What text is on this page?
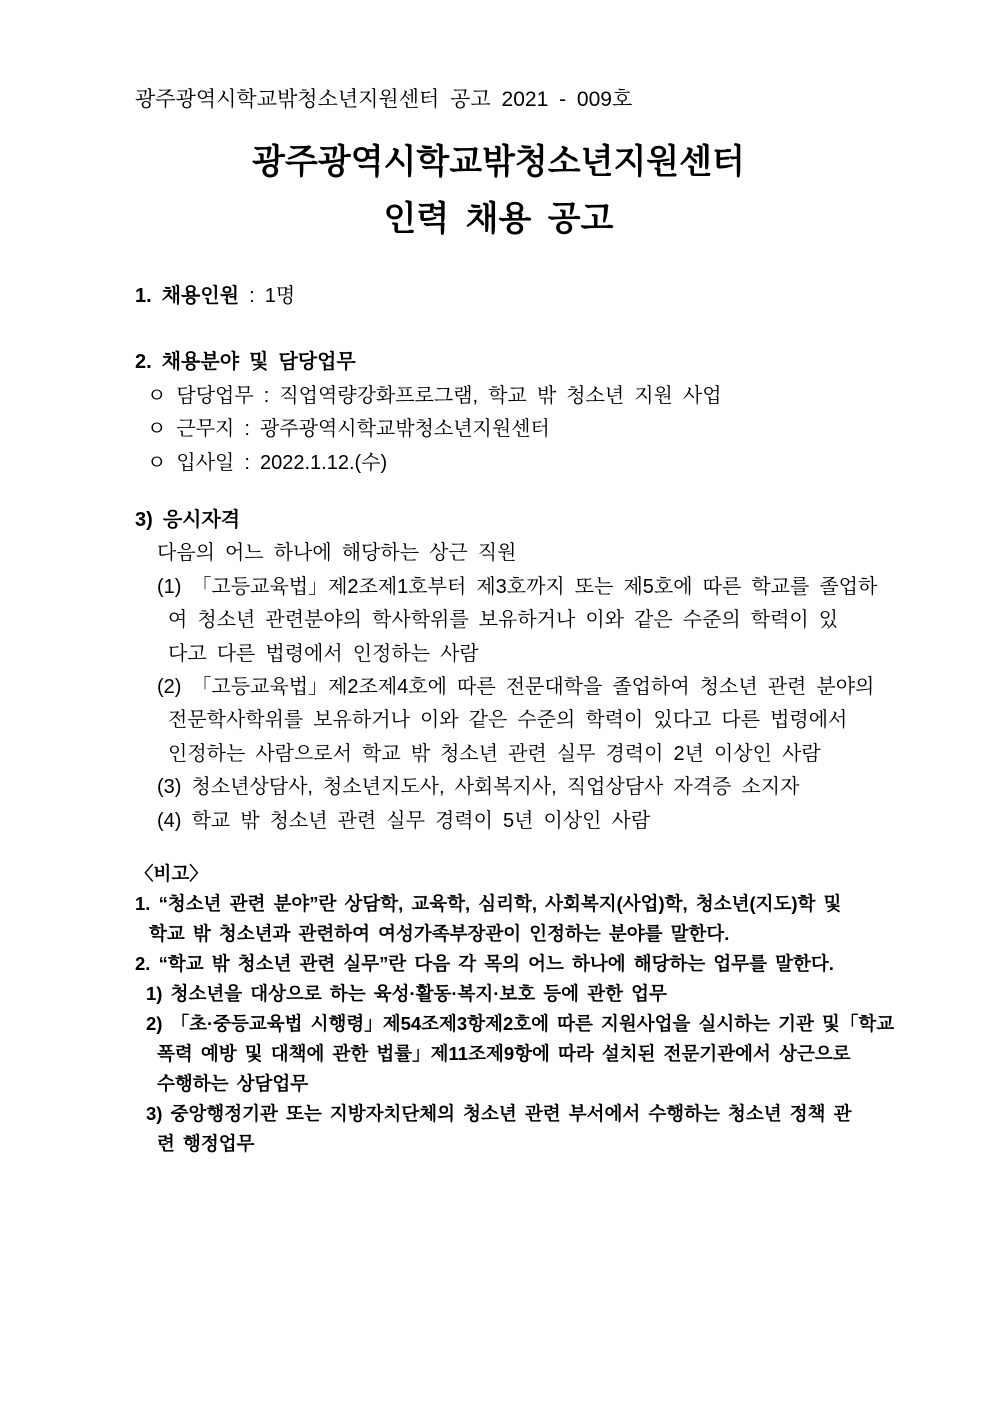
광주광역시학교밖청소년지원센터 공고 2021 - 009호
광주광역시학교밖청소년지원센터
인력 채용 공고
1. 채용인원 : 1명
2. 채용분야 및 담당업무
ㅇ 담당업무 : 직업역량강화프로그램, 학교 밖 청소년 지원 사업
ㅇ 근무지 : 광주광역시학교밖청소년지원센터
ㅇ 입사일 : 2022.1.12.(수)
3) 응시자격
다음의 어느 하나에 해당하는 상근 직원
(1) 「고등교육법」제2조제1호부터 제3호까지 또는 제5호에 따른 학교를 졸업하
여 청소년 관련분야의 학사학위를 보유하거나 이와 같은 수준의 학력이 있
다고 다른 법령에서 인정하는 사람
(2) 「고등교육법」제2조제4호에 따른 전문대학을 졸업하여 청소년 관련 분야의
전문학사학위를 보유하거나 이와 같은 수준의 학력이 있다고 다른 법령에서
인정하는 사람으로서 학교 밖 청소년 관련 실무 경력이 2년 이상인 사람
(3) 청소년상담사, 청소년지도사, 사회복지사, 직업상담사 자격증 소지자
(4) 학교 밖 청소년 관련 실무 경력이 5년 이상인 사람
〈비고〉
1. “청소년 관련 분야”란 상담학, 교육학, 심리학, 사회복지(사업)학, 청소년(지도)학 및
학교 밖 청소년과 관련하여 여성가족부장관이 인정하는 분야를 말한다.
2. “학교 밖 청소년 관련 실무”란 다음 각 목의 어느 하나에 해당하는 업무를 말한다.
1) 청소년을 대상으로 하는 육성·활동·복지·보호 등에 관한 업무
2) 「초·중등교육법 시행령」제54조제3항제2호에 따른 지원사업을 실시하는 기관 및「학교
폭력 예방 및 대책에 관한 법률」제11조제9항에 따라 설치된 전문기관에서 상근으로
수행하는 상담업무
3) 중앙행정기관 또는 지방자치단체의 청소년 관련 부서에서 수행하는 청소년 정책 관
련 행정업무
